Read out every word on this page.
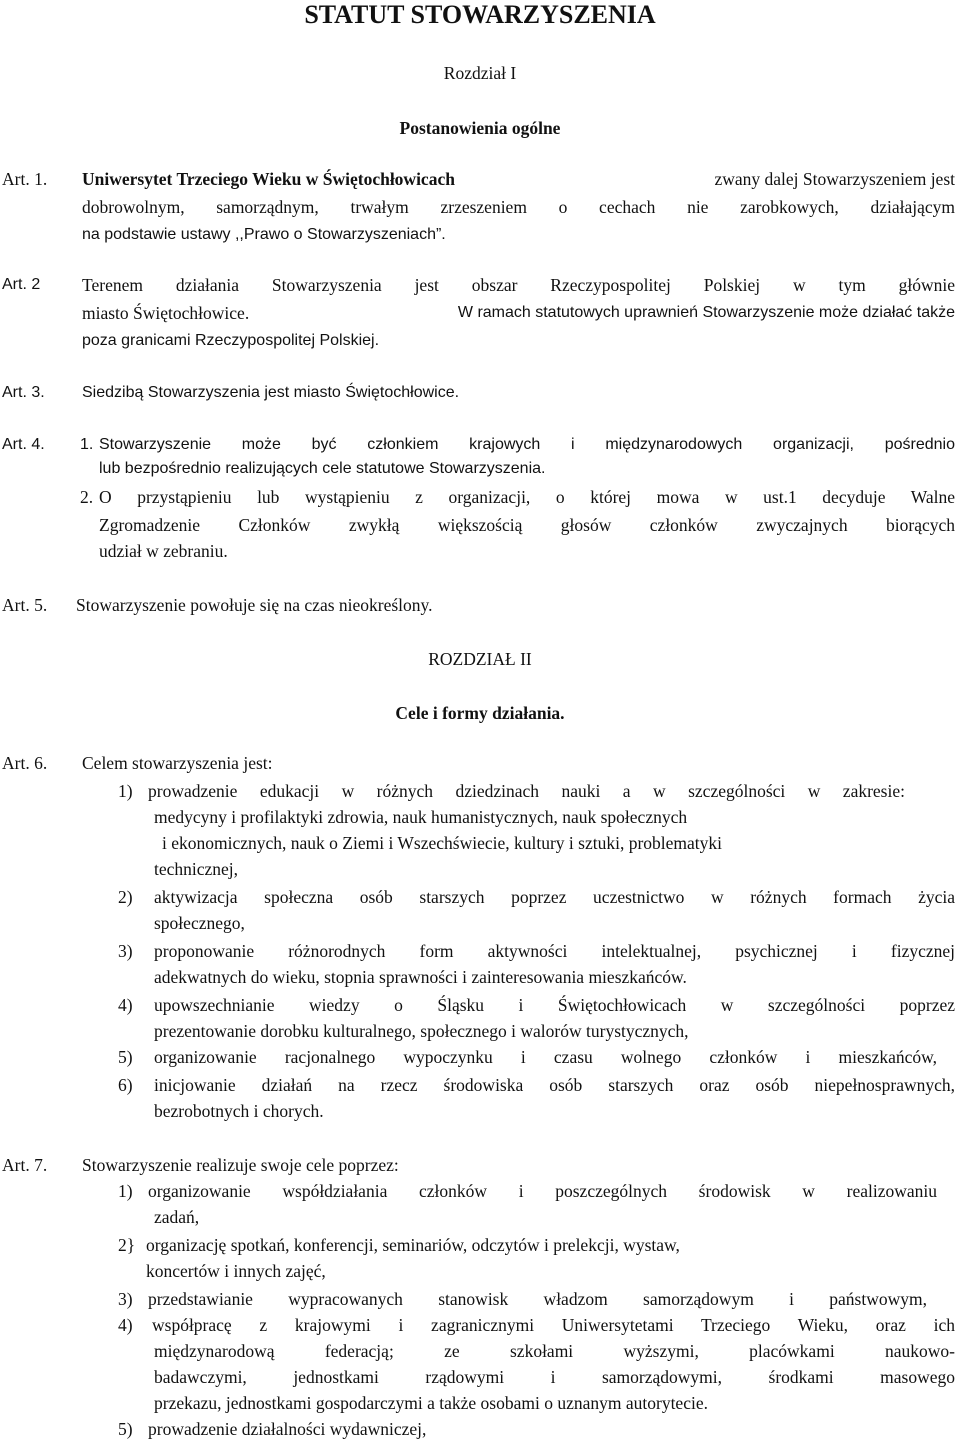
STATUT STOWARZYSZENIA
Rozdział I
Postanowienia ogólne
Art. 1. Uniwersytet Trzeciego Wieku w Świętochłowicach	zwany dalej Stowarzyszeniem jest
dobrowolnym, samorządnym, trwałym zrzeszeniem o cechach nie zarobkowych, działającym
na podstawie ustawy ,,Prawo o Stowarzyszeniach”.
Art. 2 Terenem działania Stowarzyszenia jest obszar Rzeczypospolitej Polskiej w tym głównie
miasto Świętochłowice.	W ramach statutowych uprawnień Stowarzyszenie może działać także
poza granicami Rzeczypospolitej Polskiej.
Art. 3. Siedzibą Stowarzyszenia jest miasto Świętochłowice.
Art. 4. 1. Stowarzyszenie może być członkiem krajowych i międzynarodowych organizacji, pośrednio
lub bezpośrednio realizujących cele statutowe Stowarzyszenia.
2. O przystąpieniu lub wystąpieniu z organizacji, o której mowa w ust.1 decyduje Walne
Zgromadzenie Członków zwykłą większością głosów członków zwyczajnych biorących
udział w zebraniu.
Art. 5. Stowarzyszenie powołuje się na czas nieokreślony.
ROZDZIAŁ II
Cele i formy działania.
Art. 6. Celem stowarzyszenia jest:
1) prowadzenie edukacji w różnych dziedzinach nauki a w szczególności w zakresie:
medycyny i profilaktyki zdrowia, nauk humanistycznych, nauk społecznych
i ekonomicznych, nauk o Ziemi i Wszechświecie, kultury i sztuki, problematyki
technicznej,
2) aktywizacja społeczna osób starszych poprzez uczestnictwo w różnych formach życia
społecznego,
3) proponowanie różnorodnych form aktywności intelektualnej, psychicznej i fizycznej
adekwatnych do wieku, stopnia sprawności i zainteresowania mieszkańców.
4) upowszechnianie wiedzy o Śląsku i Świętochłowicach w szczególności poprzez
prezentowanie dorobku kulturalnego, społecznego i walorów turystycznych,
5) organizowanie racjonalnego wypoczynku i czasu wolnego członków i mieszkańców,
6) inicjowanie działań na rzecz środowiska osób starszych oraz osób niepełnosprawnych,
bezrobotnych i chorych.
Art. 7. Stowarzyszenie realizuje swoje cele poprzez:
1) organizowanie współdziałania członków i poszczególnych środowisk w realizowaniu
zadań,
2} organizację spotkań, konferencji, seminariów, odczytów i prelekcji, wystaw,
koncertów i innych zajęć,
3) przedstawianie wypracowanych stanowisk władzom samorządowym i państwowym,
4) współpracę z krajowymi i zagranicznymi Uniwersytetami Trzeciego Wieku, oraz ich
międzynarodową federacją; ze szkołami wyższymi, placówkami naukowo-
badawczymi, jednostkami rządowymi i samorządowymi, środkami masowego
przekazu, jednostkami gospodarczymi a także osobami o uznanym autorytecie.
5) prowadzenie działalności wydawniczej,
